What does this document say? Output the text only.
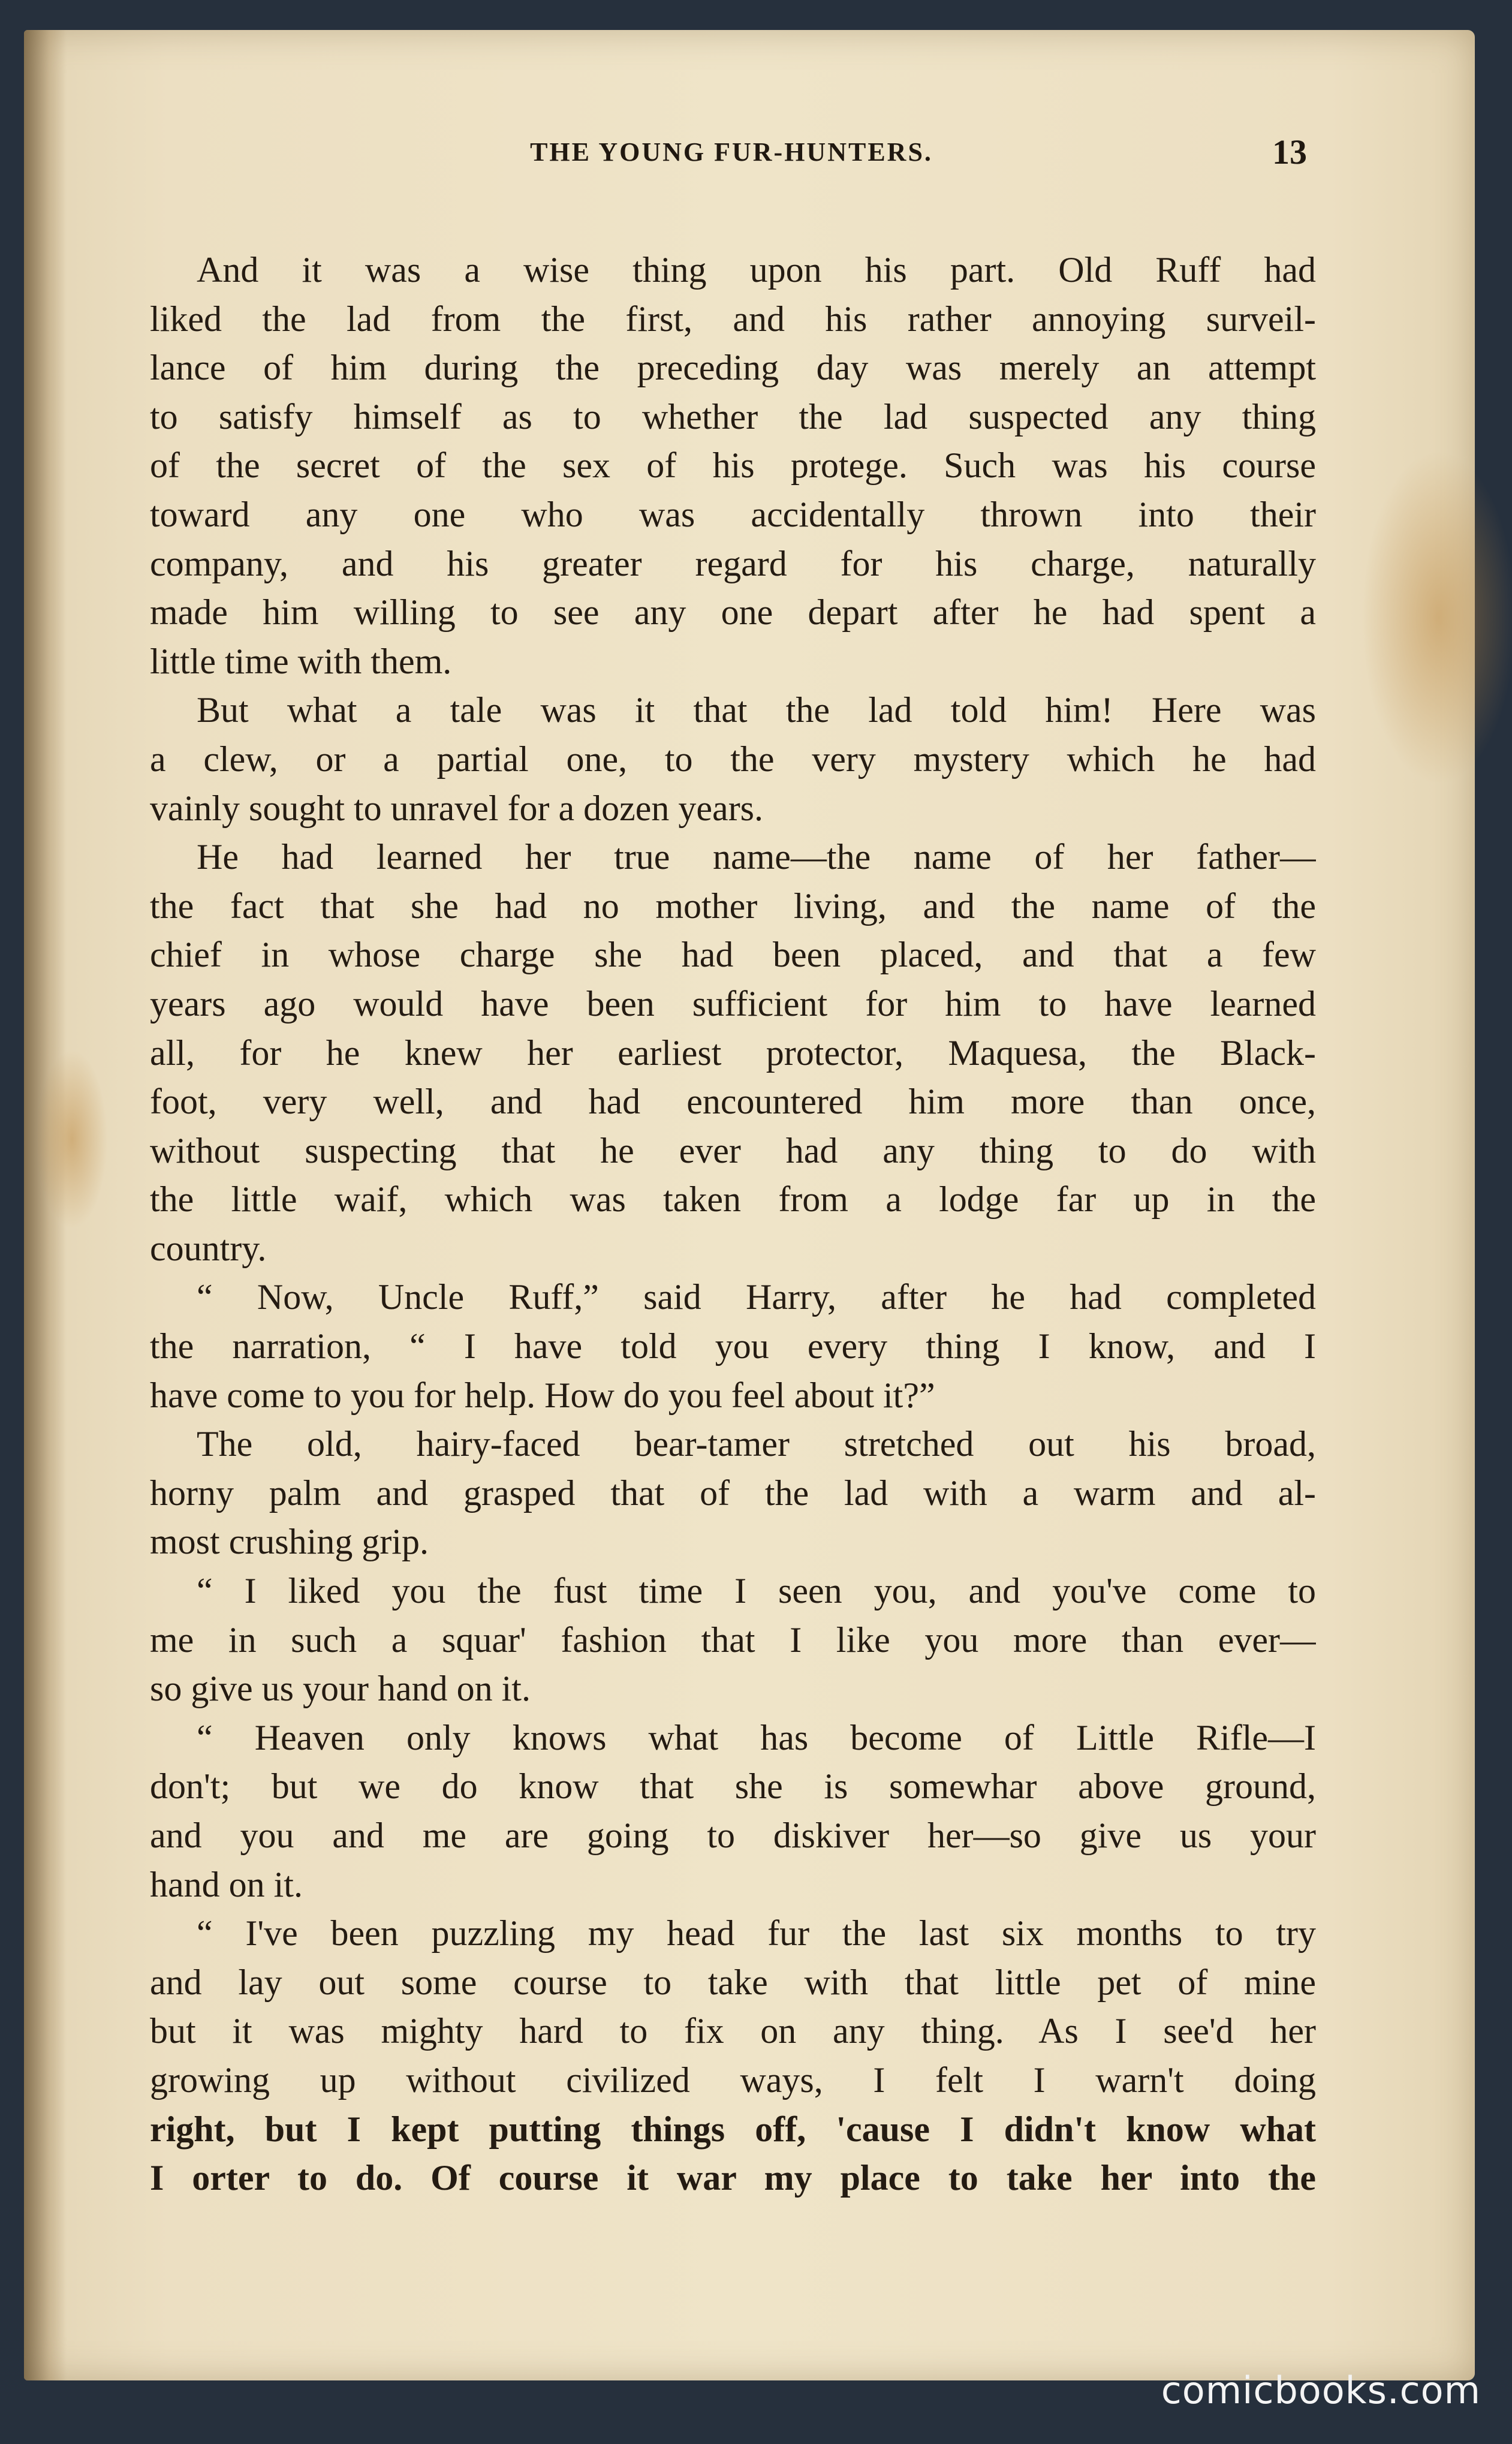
THE YOUNG FUR-HUNTERS.	13
And it was a wise thing upon his part. Old Ruff had
liked the lad from the first, and his rather annoying surveil-
lance of him during the preceding day was merely an attempt
to satisfy himself as to whether the lad suspected any thing
of the secret of the sex of his protege. Such was his course
toward any one who was accidentally thrown into their
company, and his greater regard for his charge, naturally
made him willing to see any one depart after he had spent a
little time with them.
But what a tale was it that the lad told him! Here was
a clew, or a partial one, to the very mystery which he had
vainly sought to unravel for a dozen years.
He had learned her true name—the name of her father—
the fact that she had no mother living, and the name of the
chief in whose charge she had been placed, and that a few
years ago would have been sufficient for him to have learned
all, for he knew her earliest protector, Maquesa, the Black-
foot, very well, and had encountered him more than once,
without suspecting that he ever had any thing to do with
the little waif, which was taken from a lodge far up in the
country.
“ Now, Uncle Ruff,” said Harry, after he had completed
the narration, “ I have told you every thing I know, and I
have come to you for help. How do you feel about it?”
The old, hairy-faced bear-tamer stretched out his broad,
horny palm and grasped that of the lad with a warm and al-
most crushing grip.
“ I liked you the fust time I seen you, and you've come to
me in such a squar' fashion that I like you more than ever—
so give us your hand on it.
“ Heaven only knows what has become of Little Rifle—I
don't; but we do know that she is somewhar above ground,
and you and me are going to diskiver her—so give us your
hand on it.
“ I've been puzzling my head fur the last six months to try
and lay out some course to take with that little pet of mine
but it was mighty hard to fix on any thing. As I see'd her
growing up without civilized ways, I felt I warn't doing
right, but I kept putting things off, 'cause I didn't know what
I orter to do. Of course it war my place to take her into the
comicbooks.com
